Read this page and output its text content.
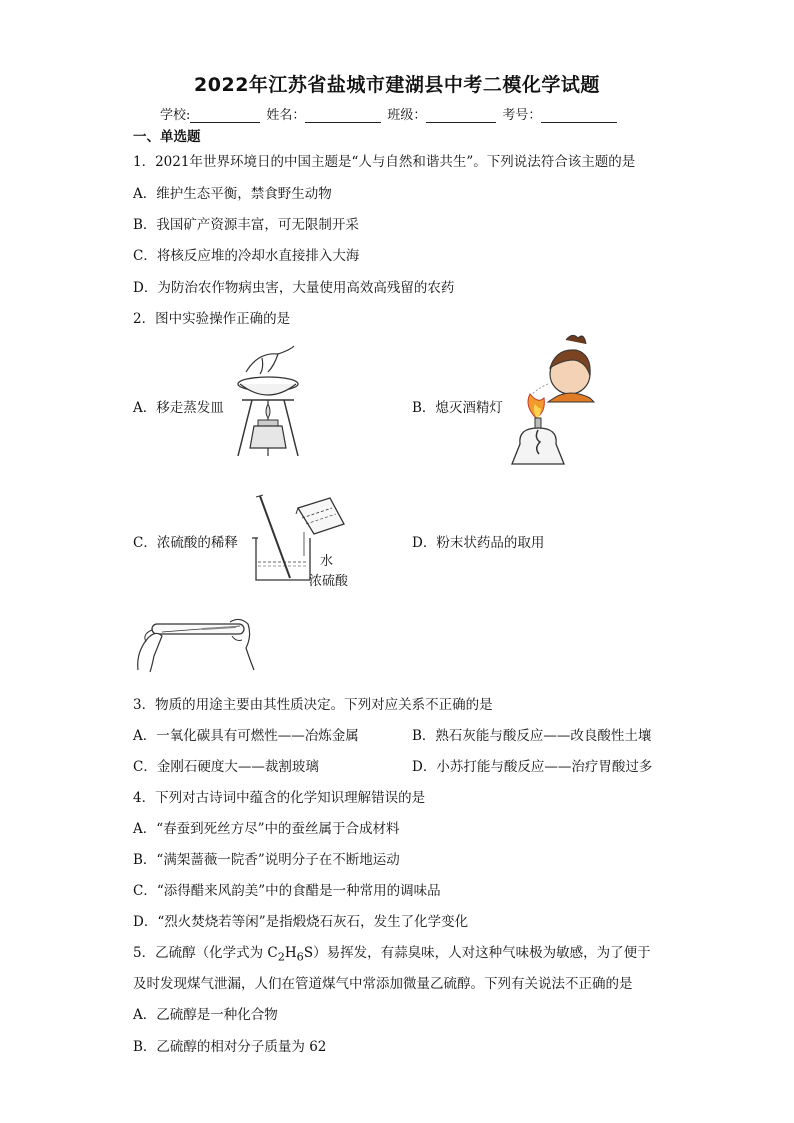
2022年江苏省盐城市建湖县中考二模化学试题
学校:	姓名：	班级：	考号：
一、单选题
1．2021年世界环境日的中国主题是“人与自然和谐共生”。下列说法符合该主题的是
A．维护生态平衡，禁食野生动物
B．我国矿产资源丰富，可无限制开采
C．将核反应堆的冷却水直接排入大海
D．为防治农作物病虫害，大量使用高效高残留的农药
2．图中实验操作正确的是
A．移走蒸发皿	B．熄灭酒精灯
C．浓硫酸的稀释	D．粉末状药品的取用
水
浓硫酸
3．物质的用途主要由其性质决定。下列对应关系不正确的是
A．一氧化碳具有可燃性——冶炼金属	B．熟石灰能与酸反应——改良酸性土壤
C．金刚石硬度大——裁割玻璃	D．小苏打能与酸反应——治疗胃酸过多
4．下列对古诗词中蕴含的化学知识理解错误的是
A．“春蚕到死丝方尽”中的蚕丝属于合成材料
B．“满架蔷薇一院香”说明分子在不断地运动
C．“添得醋来风韵美”中的食醋是一种常用的调味品
D．“烈火焚烧若等闲”是指煅烧石灰石，发生了化学变化
5．乙硫醇（化学式为 $C_2H_6S$）易挥发，有蒜臭味，人对这种气味极为敏感，为了便于
及时发现煤气泄漏，人们在管道煤气中常添加微量乙硫醇。下列有关说法不正确的是
A．乙硫醇是一种化合物
B．乙硫醇的相对分子质量为 62
